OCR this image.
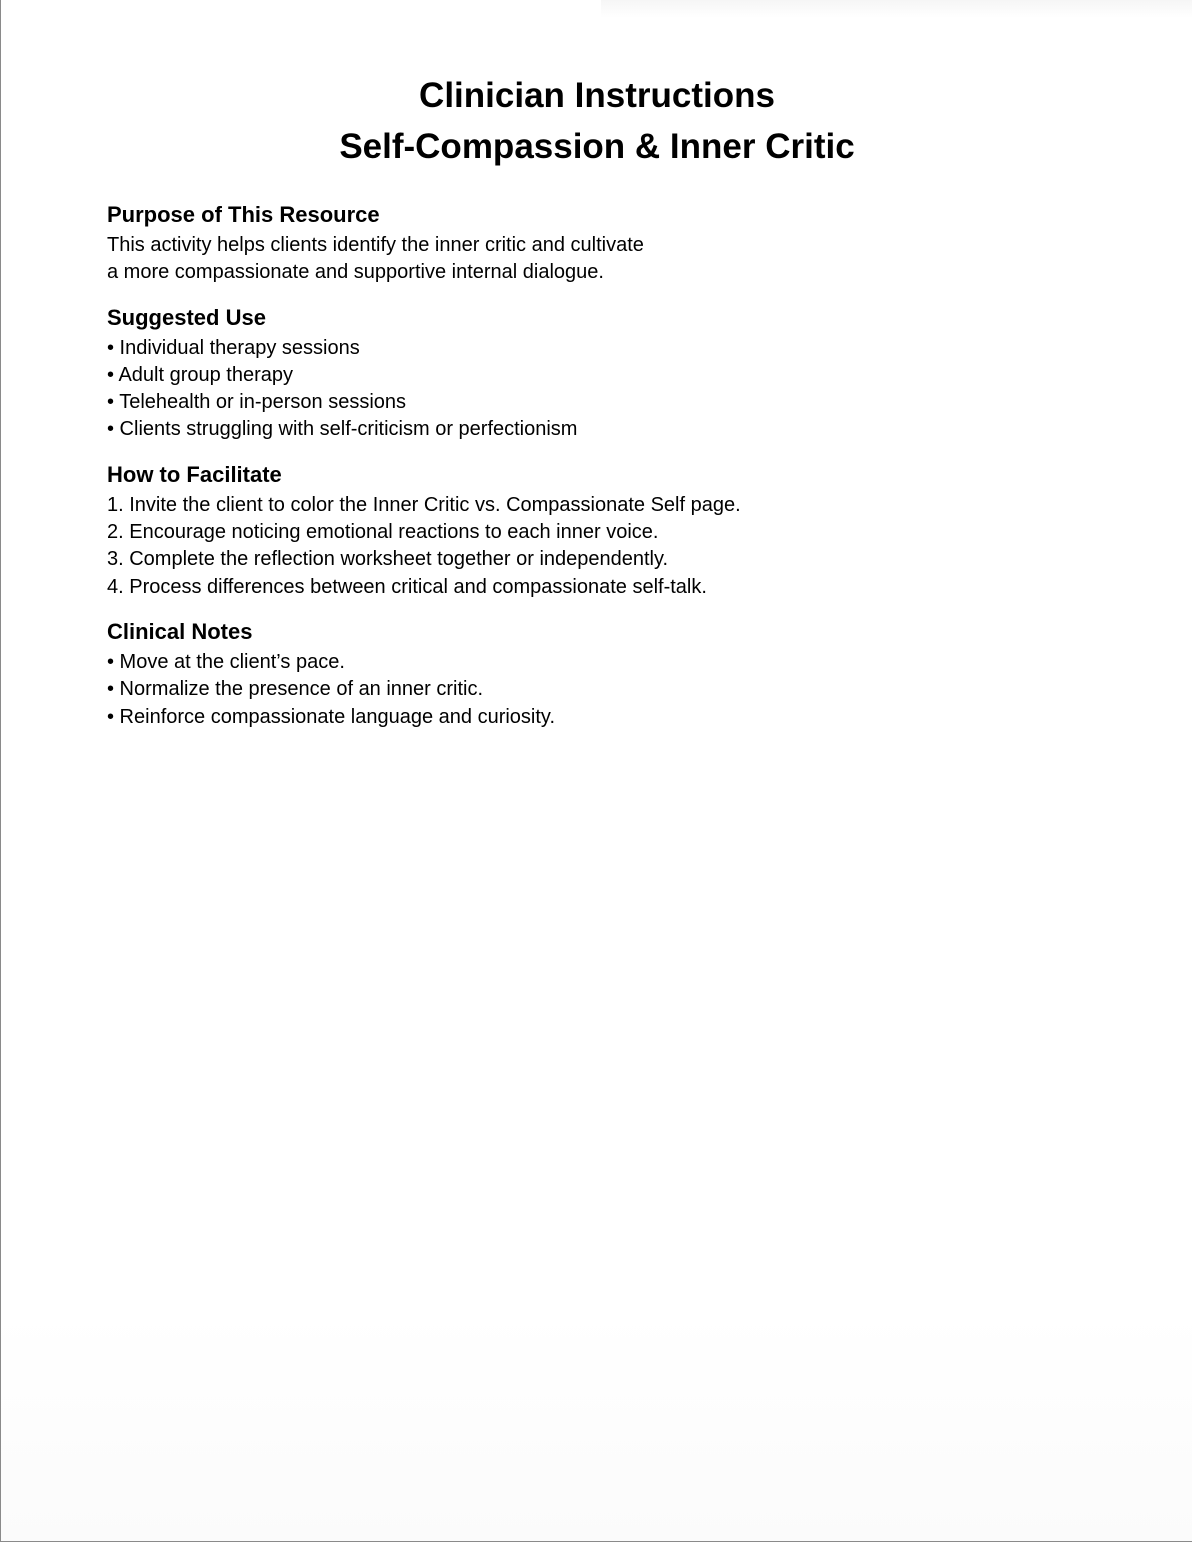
Clinician Instructions

Self-Compassion & Inner Critic

Purpose of This Resource

This activity helps clients identify the inner critic and cultivate

a more compassionate and supportive internal dialogue.

Suggested Use

• Individual therapy sessions

• Adult group therapy

• Telehealth or in-person sessions

• Clients struggling with self-criticism or perfectionism

How to Facilitate

1. Invite the client to color the Inner Critic vs. Compassionate Self page.

2. Encourage noticing emotional reactions to each inner voice.

3. Complete the reflection worksheet together or independently.

4. Process differences between critical and compassionate self-talk.

Clinical Notes

• Move at the client’s pace.

• Normalize the presence of an inner critic.

• Reinforce compassionate language and curiosity.
